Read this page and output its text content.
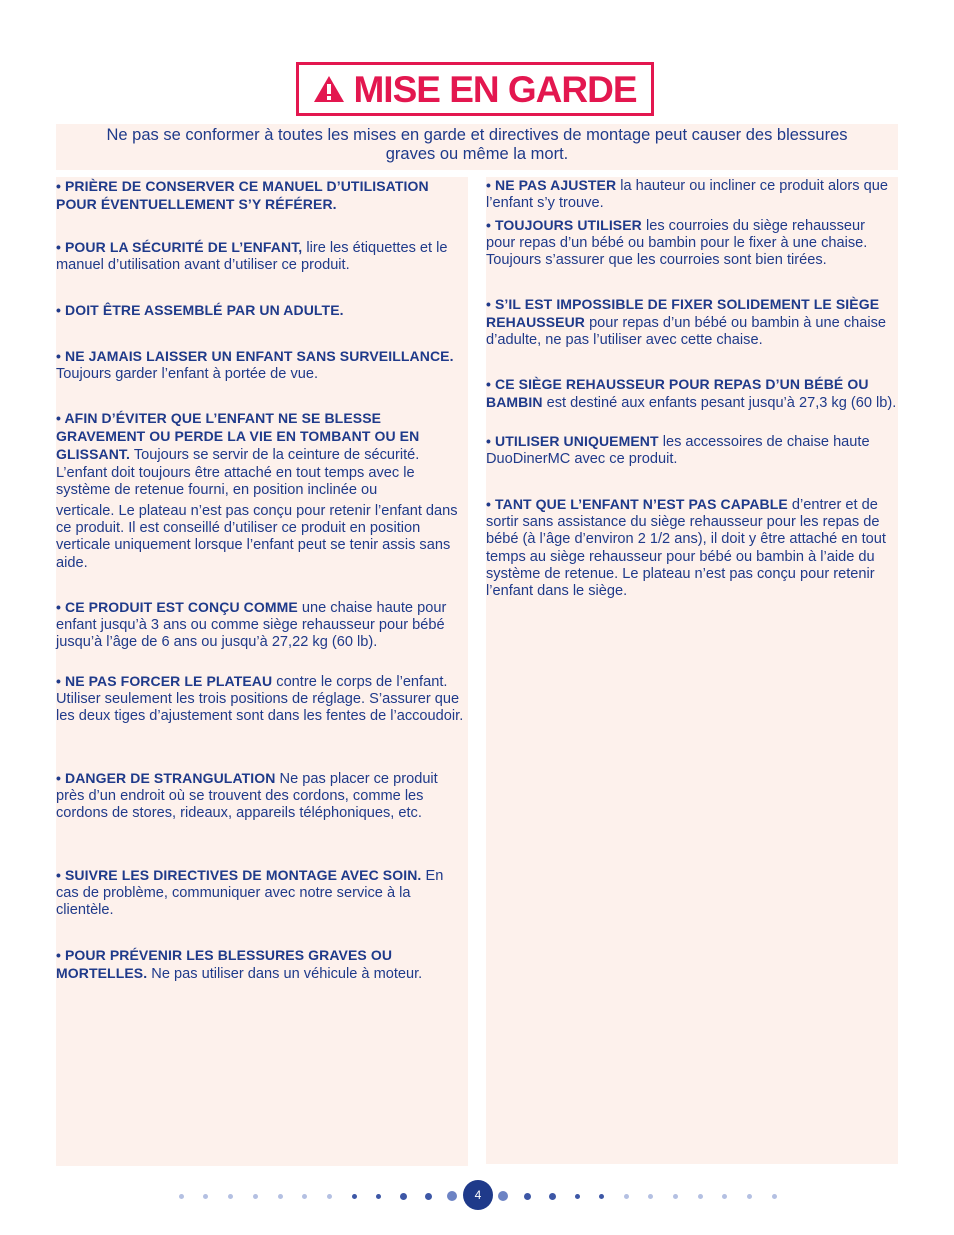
MISE EN GARDE
Ne pas se conformer à toutes les mises en garde et directives de montage peut causer des blessures
graves ou même la mort.

• PRIÈRE DE CONSERVER CE MANUEL D’UTILISATION POUR ÉVENTUELLEMENT S’Y RÉFÉRER.

• POUR LA SÉCURITÉ DE L’ENFANT, lire les étiquettes et le manuel d’utilisation avant d’utiliser ce produit.

• DOIT ÊTRE ASSEMBLÉ PAR UN ADULTE.

• NE JAMAIS LAISSER UN ENFANT SANS SURVEILLANCE. Toujours garder l’enfant à portée de vue.

• AFIN D’ÉVITER QUE L’ENFANT NE SE BLESSE GRAVEMENT OU PERDE LA VIE EN TOMBANT OU EN GLISSANT. Toujours se servir de la ceinture de sécurité. L’enfant doit toujours être attaché en tout temps avec le système de retenue fourni, en position inclinée ou

verticale. Le plateau n’est pas conçu pour retenir l’enfant dans ce produit. Il est conseillé d’utiliser ce produit en position verticale uniquement lorsque l’enfant peut se tenir assis sans aide.

• CE PRODUIT EST CONÇU COMME une chaise haute pour enfant jusqu’à 3 ans ou comme siège rehausseur pour bébé jusqu’à l’âge de 6 ans ou jusqu’à 27,22 kg (60 lb).

• NE PAS FORCER LE PLATEAU contre le corps de l’enfant. Utiliser seulement les trois positions de réglage. S’assurer que les deux tiges d’ajustement sont dans les fentes de l’accoudoir.

• DANGER DE STRANGULATION Ne pas placer ce produit près d’un endroit où se trouvent des cordons, comme les cordons de stores, rideaux, appareils téléphoniques, etc.

• SUIVRE LES DIRECTIVES DE MONTAGE AVEC SOIN. En cas de problème, communiquer avec notre service à la clientèle.

• POUR PRÉVENIR LES BLESSURES GRAVES OU MORTELLES. Ne pas utiliser dans un véhicule à moteur.

• NE PAS AJUSTER la hauteur ou incliner ce produit alors que l’enfant s’y trouve.

• TOUJOURS UTILISER les courroies du siège rehausseur pour repas d’un bébé ou bambin pour le fixer à une chaise. Toujours s’assurer que les courroies sont bien tirées.

• S’IL EST IMPOSSIBLE DE FIXER SOLIDEMENT LE SIÈGE REHAUSSEUR pour repas d’un bébé ou bambin à une chaise d’adulte, ne pas l’utiliser avec cette chaise.

• CE SIÈGE REHAUSSEUR POUR REPAS D’UN BÉBÉ OU BAMBIN est destiné aux enfants pesant jusqu’à 27,3 kg (60 lb).

• UTILISER UNIQUEMENT les accessoires de chaise haute DuoDinerMC avec ce produit.

• TANT QUE L’ENFANT N’EST PAS CAPABLE d’entrer et de sortir sans assistance du siège rehausseur pour les repas de bébé (à l’âge d’environ 2 1/2 ans), il doit y être attaché en tout temps au siège rehausseur pour bébé ou bambin à l’aide du système de retenue. Le plateau n’est pas conçu pour retenir l’enfant dans le siège.

4
